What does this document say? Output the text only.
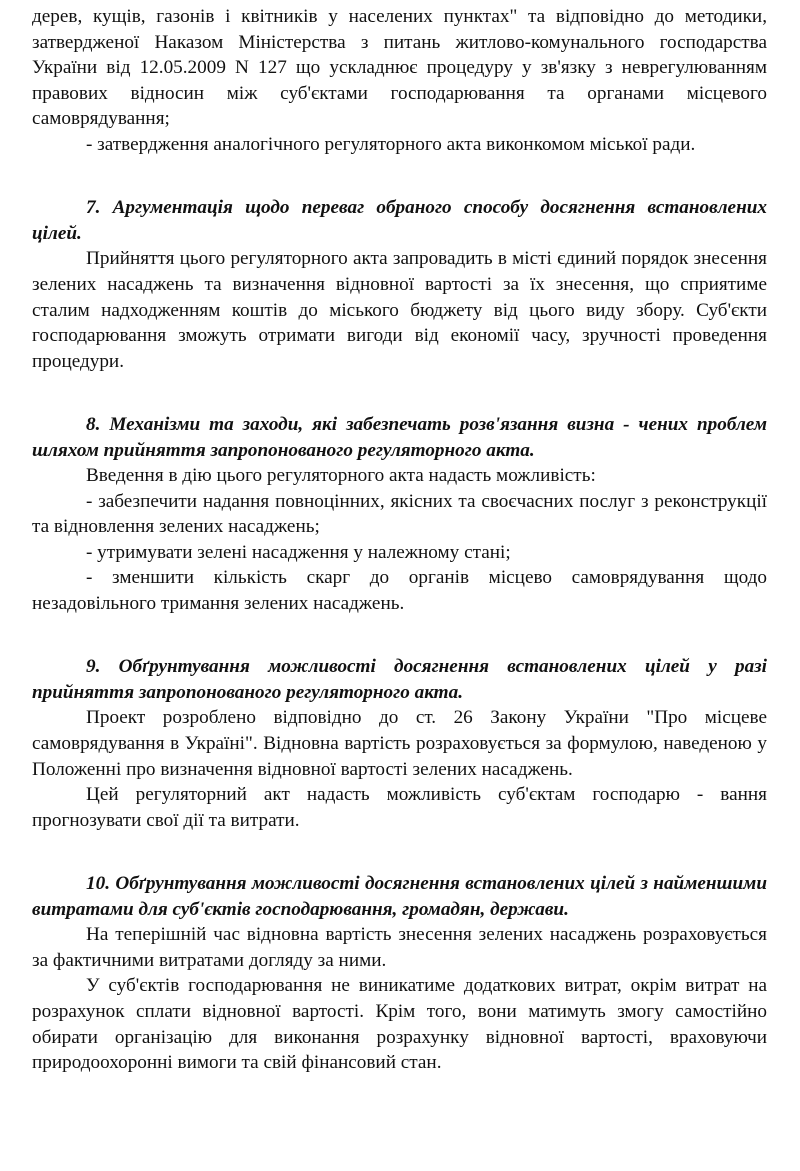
дерев, кущів, газонів і квітників у населених пунктах" та відповідно до методики, затвердженої Наказом Міністерства з питань житлово-комунального господарства України від 12.05.2009 N 127 що ускладнює процедуру у зв'язку з неврегулюванням правових відносин між суб'єктами господарювання та органами місцевого самоврядування;

- затвердження аналогічного регуляторного акта виконкомом міської ради.

7. Аргументація щодо переваг обраного способу досягнення встановлених цілей.

Прийняття цього регуляторного акта запровадить в місті єдиний порядок знесення зелених насаджень та визначення відновної вартості за їх знесення, що сприятиме сталим надходженням коштів до міського бюджету від цього виду збору. Суб'єкти господарювання зможуть отримати вигоди від економії часу, зручності проведення процедури.

8. Механізми та заходи, які забезпечать розв'язання визна - чених проблем шляхом прийняття запропонованого регуляторного акта.

Введення в дію цього регуляторного акта надасть можливість:

- забезпечити надання повноцінних, якісних та своєчасних послуг з реконструкції та відновлення зелених насаджень;

- утримувати зелені насадження у належному стані;

- зменшити кількість скарг до органів місцево самоврядування щодо незадовільного тримання зелених насаджень.

9. Обґрунтування можливості досягнення встановлених цілей у разі прийняття запропонованого регуляторного акта.

Проект розроблено відповідно до ст. 26 Закону України "Про місцеве самоврядування в Україні". Відновна вартість розраховується за формулою, наведеною у Положенні про визначення відновної вартості зелених насаджень.

Цей регуляторний акт надасть можливість суб'єктам господарю - вання прогнозувати свої дії та витрати.

10. Обґрунтування можливості досягнення встановлених цілей з найменшими витратами для суб'єктів господарювання, громадян, держави.

На теперішній час відновна вартість знесення зелених насаджень розраховується за фактичними витратами догляду за ними.

У суб'єктів господарювання не виникатиме додаткових витрат, окрім витрат на розрахунок сплати відновної вартості. Крім того, вони матимуть змогу самостійно обирати організацію для виконання розрахунку відновної вартості, враховуючи природоохоронні вимоги та свій фінансовий стан.
